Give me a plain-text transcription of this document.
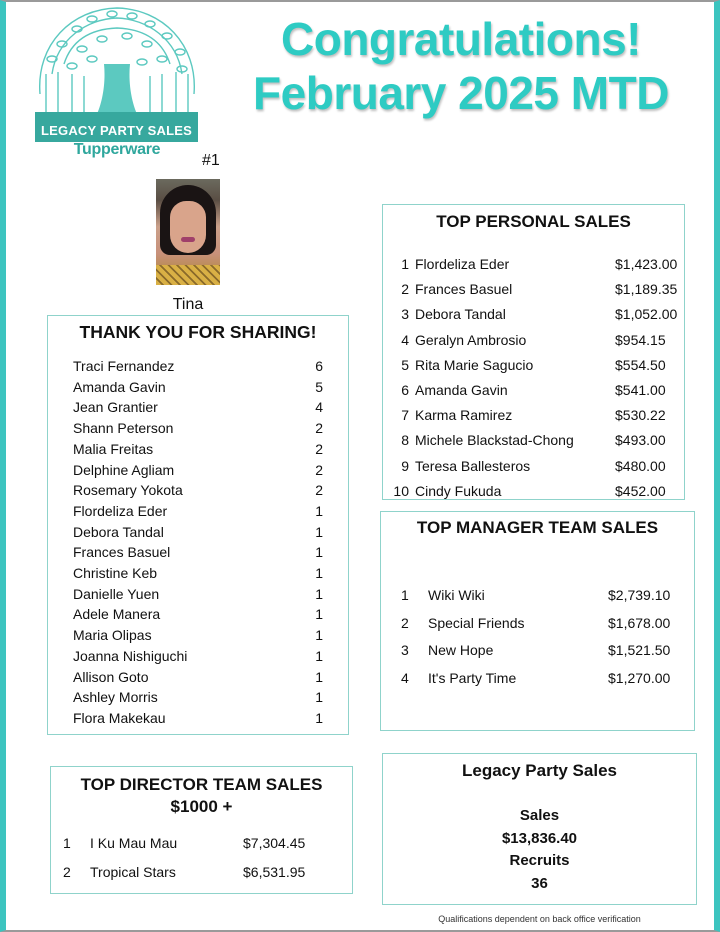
LEGACY PARTY SALES
Tupperware
#1
Congratulations!
February 2025 MTD
Tina
THANK YOU FOR SHARING!
Traci Fernandez	6
Amanda Gavin	5
Jean Grantier	4
Shann Peterson	2
Malia Freitas	2
Delphine Agliam	2
Rosemary Yokota	2
Flordeliza Eder	1
Debora Tandal	1
Frances Basuel	1
Christine Keb	1
Danielle Yuen	1
Adele Manera	1
Maria Olipas	1
Joanna Nishiguchi	1
Allison Goto	1
Ashley Morris	1
Flora Makekau	1
TOP PERSONAL SALES
1 Flordeliza Eder	$1,423.00
2 Frances Basuel	$1,189.35
3 Debora Tandal	$1,052.00
4 Geralyn Ambrosio	$954.15
5 Rita Marie Sagucio	$554.50
6 Amanda Gavin	$541.00
7 Karma Ramirez	$530.22
8 Michele Blackstad-Chong	$493.00
9 Teresa Ballesteros	$480.00
10 Cindy Fukuda	$452.00
TOP MANAGER TEAM SALES
1	Wiki Wiki	$2,739.10
2	Special Friends	$1,678.00
3	New Hope	$1,521.50
4	It's Party Time	$1,270.00
TOP DIRECTOR TEAM SALES
$1000 +
1	I Ku Mau Mau	$7,304.45
2	Tropical Stars	$6,531.95
Legacy Party Sales
Sales
$13,836.40
Recruits
36
Qualifications dependent on back office verification
